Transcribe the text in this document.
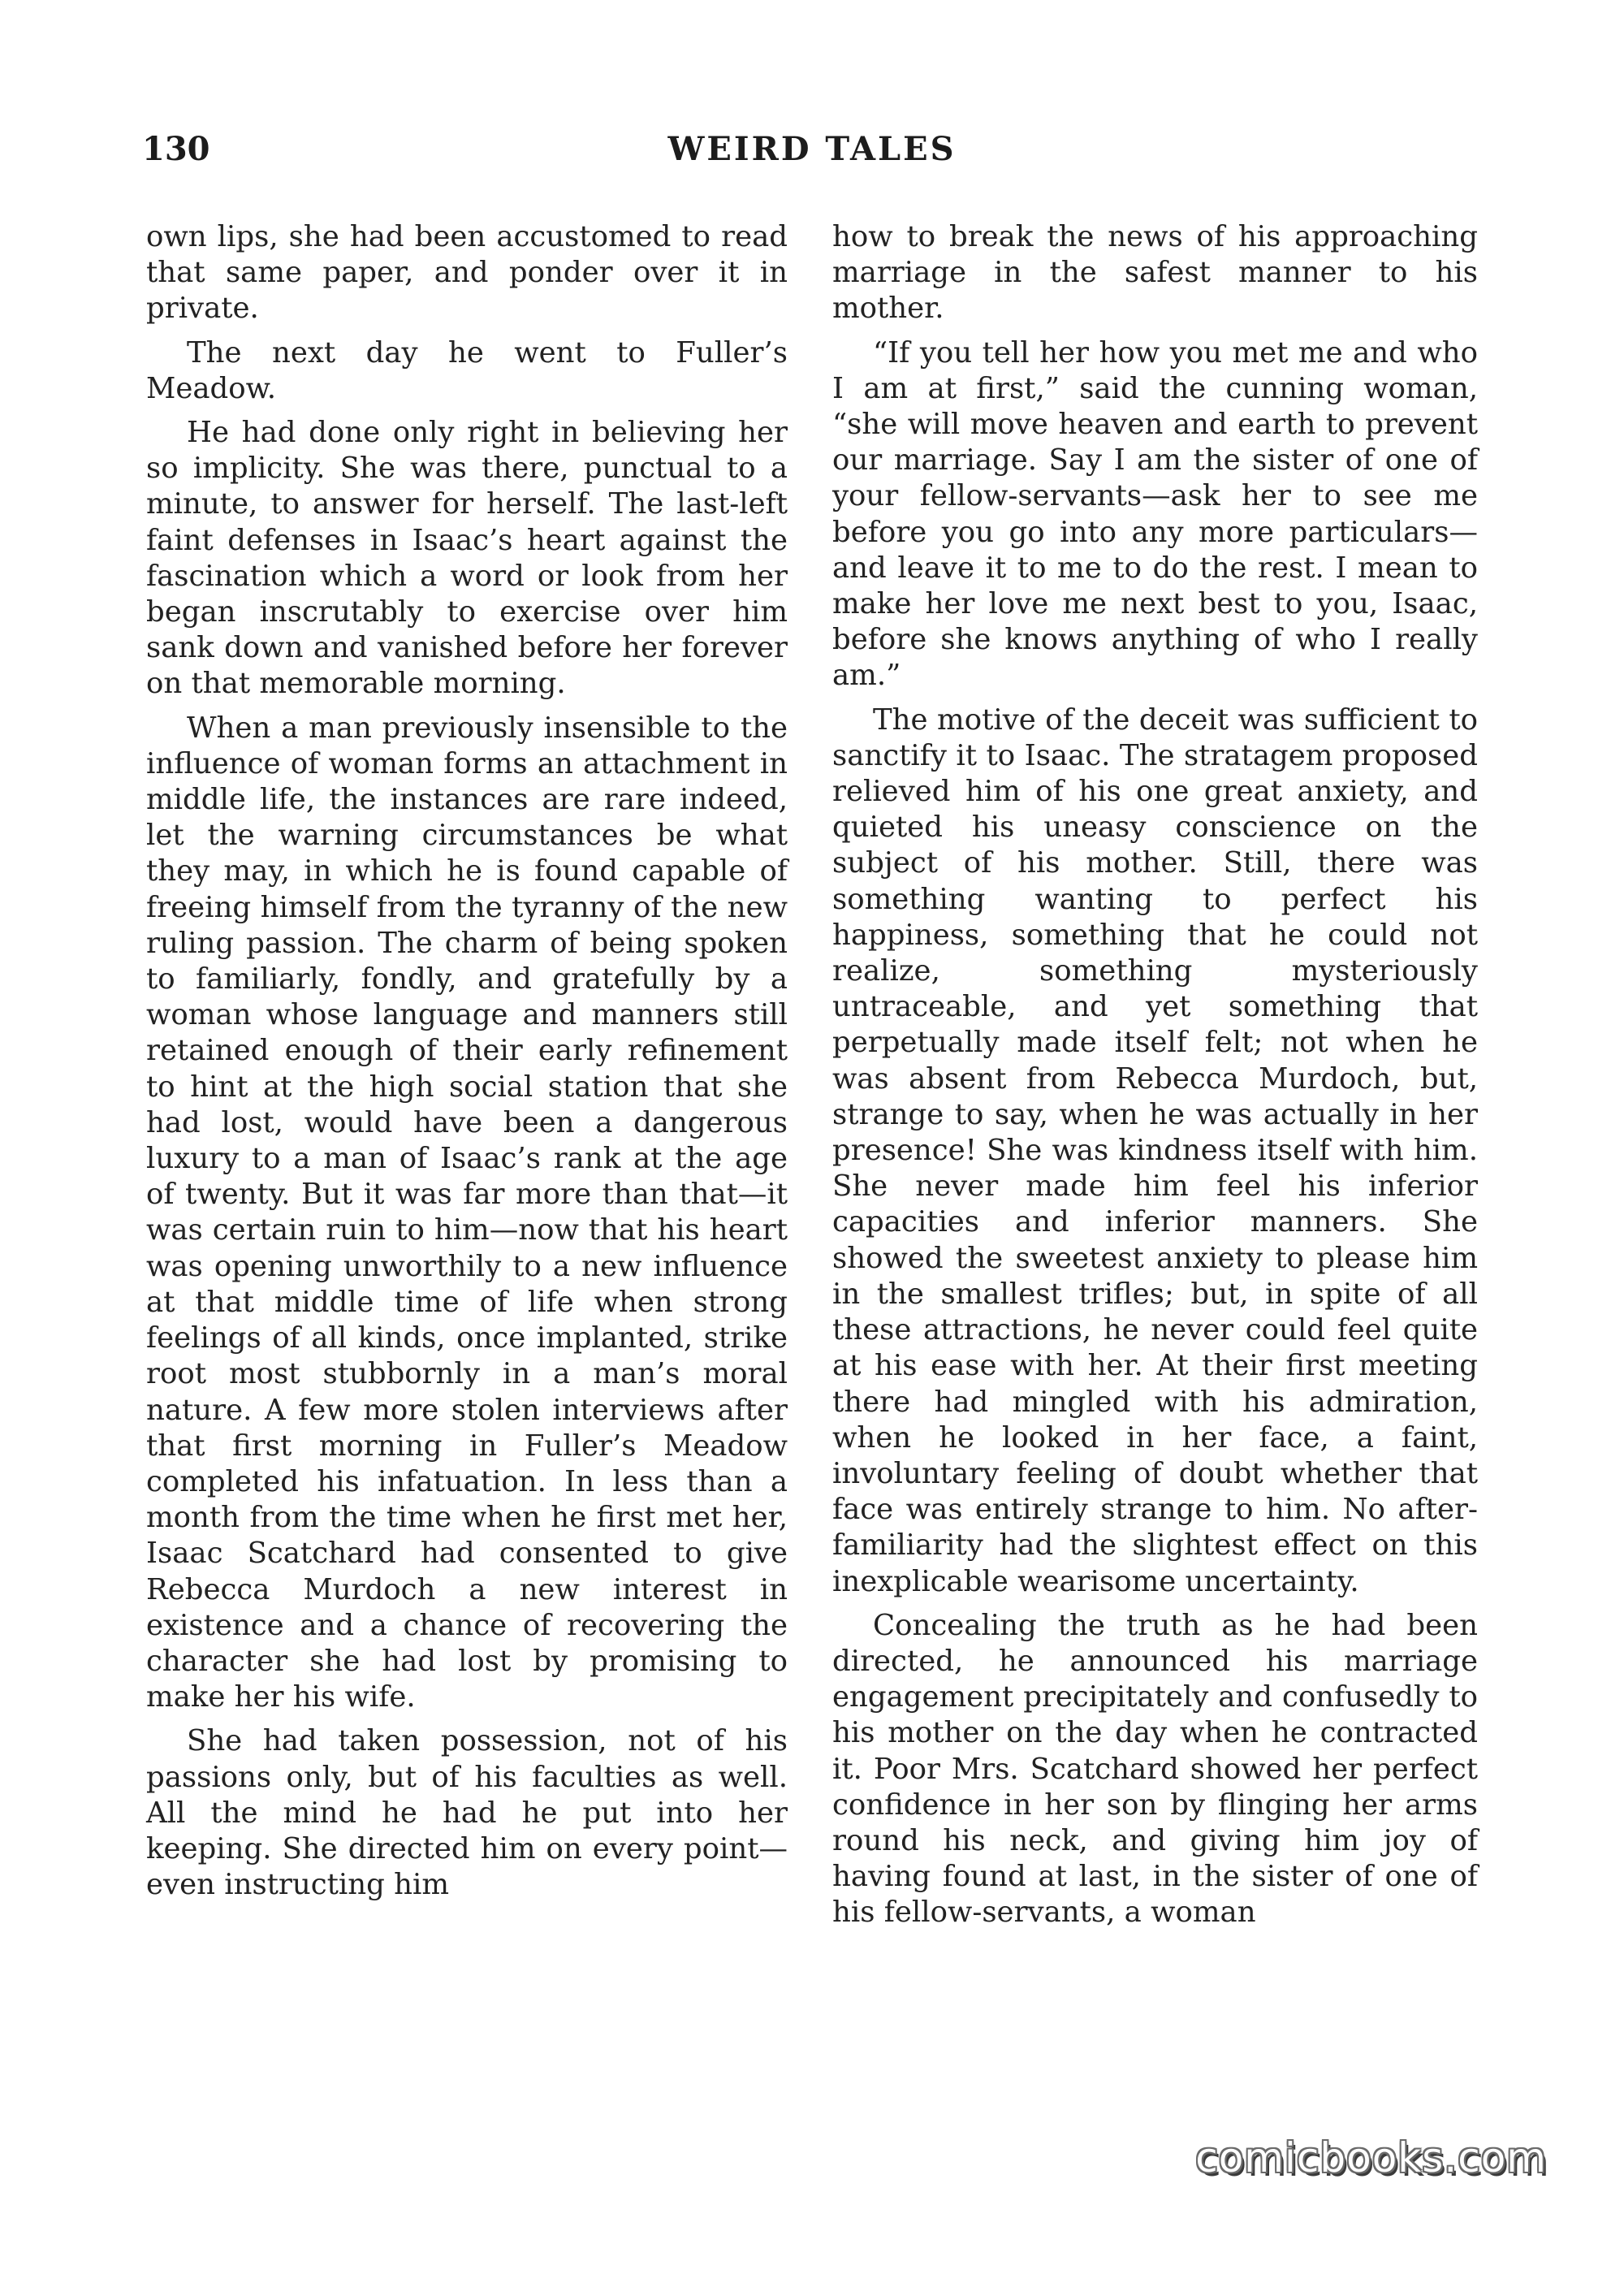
130	WEIRD TALES

own lips, she had been accustomed to read that same paper, and ponder over it in private.

The next day he went to Fuller’s Meadow.

He had done only right in believing her so implicity. She was there, punctual to a minute, to answer for herself. The last-left faint defenses in Isaac’s heart against the fascination which a word or look from her began inscrutably to exercise over him sank down and vanished before her forever on that memorable morning.

When a man previously insensible to the influence of woman forms an attachment in middle life, the instances are rare indeed, let the warning circumstances be what they may, in which he is found capable of freeing himself from the tyranny of the new ruling passion. The charm of being spoken to familiarly, fondly, and gratefully by a woman whose language and manners still retained enough of their early refinement to hint at the high social station that she had lost, would have been a dangerous luxury to a man of Isaac’s rank at the age of twenty. But it was far more than that—it was certain ruin to him—now that his heart was opening unworthily to a new influence at that middle time of life when strong feelings of all kinds, once implanted, strike root most stubbornly in a man’s moral nature. A few more stolen interviews after that first morning in Fuller’s Meadow completed his infatuation. In less than a month from the time when he first met her, Isaac Scatchard had consented to give Rebecca Murdoch a new interest in existence and a chance of recovering the character she had lost by promising to make her his wife.

She had taken possession, not of his passions only, but of his faculties as well. All the mind he had he put into her keeping. She directed him on every point—even instructing him

how to break the news of his approaching marriage in the safest manner to his mother.

“If you tell her how you met me and who I am at first,” said the cunning woman, “she will move heaven and earth to prevent our marriage. Say I am the sister of one of your fellow-servants—ask her to see me before you go into any more particulars—and leave it to me to do the rest. I mean to make her love me next best to you, Isaac, before she knows anything of who I really am.”

The motive of the deceit was sufficient to sanctify it to Isaac. The stratagem proposed relieved him of his one great anxiety, and quieted his uneasy conscience on the subject of his mother. Still, there was something wanting to perfect his happiness, something that he could not realize, something mysteriously untraceable, and yet something that perpetually made itself felt; not when he was absent from Rebecca Murdoch, but, strange to say, when he was actually in her presence! She was kindness itself with him. She never made him feel his inferior capacities and inferior manners. She showed the sweetest anxiety to please him in the smallest trifles; but, in spite of all these attractions, he never could feel quite at his ease with her. At their first meeting there had mingled with his admiration, when he looked in her face, a faint, involuntary feeling of doubt whether that face was entirely strange to him. No after-familiarity had the slightest effect on this inexplicable wearisome uncertainty.

Concealing the truth as he had been directed, he announced his marriage engagement precipitately and confusedly to his mother on the day when he contracted it. Poor Mrs. Scatchard showed her perfect confidence in her son by flinging her arms round his neck, and giving him joy of having found at last, in the sister of one of his fellow-servants, a woman

comicbooks.com
